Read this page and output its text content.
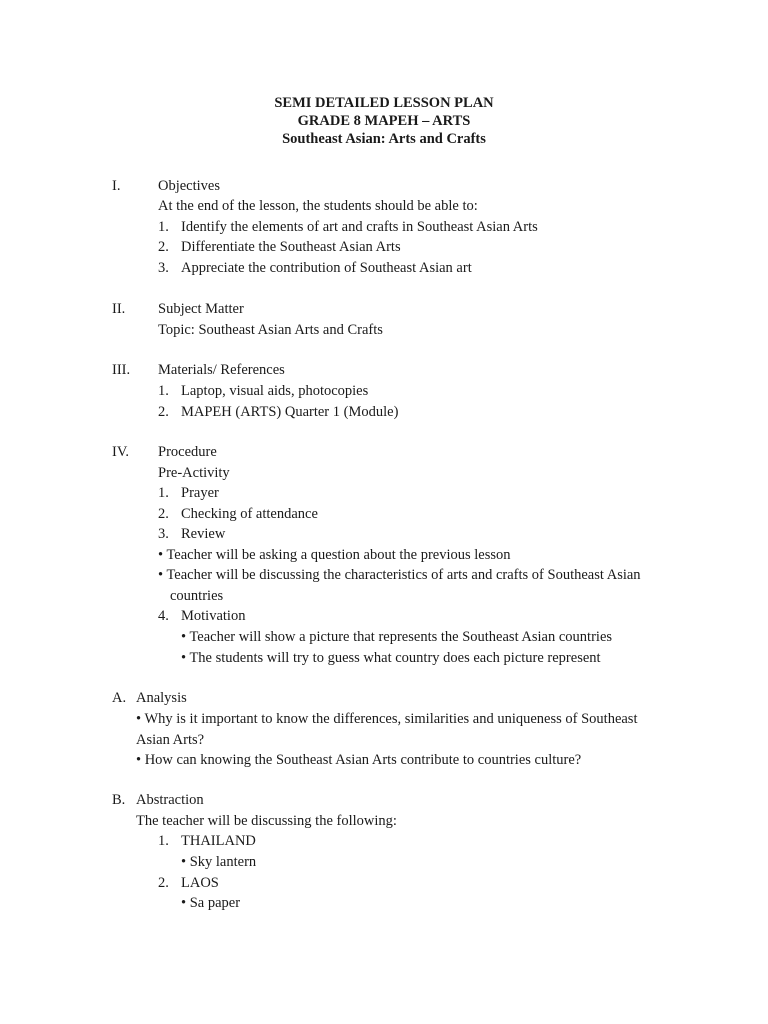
SEMI DETAILED LESSON PLAN
GRADE 8 MAPEH – ARTS
Southeast Asian: Arts and Crafts
I.	Objectives
At the end of the lesson, the students should be able to:
1. Identify the elements of art and crafts in Southeast Asian Arts
2. Differentiate the Southeast Asian Arts
3. Appreciate the contribution of Southeast Asian art
II. Subject Matter
Topic: Southeast Asian Arts and Crafts
III. Materials/ References
1. Laptop, visual aids, photocopies
2. MAPEH (ARTS) Quarter 1 (Module)
IV. Procedure
Pre-Activity
1. Prayer
2. Checking of attendance
3. Review
• Teacher will be asking a question about the previous lesson
• Teacher will be discussing the characteristics of arts and crafts of Southeast Asian countries
4. Motivation
• Teacher will show a picture that represents the Southeast Asian countries
• The students will try to guess what country does each picture represent
A. Analysis
• Why is it important to know the differences, similarities and uniqueness of Southeast Asian Arts?
• How can knowing the Southeast Asian Arts contribute to countries culture?
B. Abstraction
The teacher will be discussing the following:
1. THAILAND
• Sky lantern
2. LAOS
• Sa paper
